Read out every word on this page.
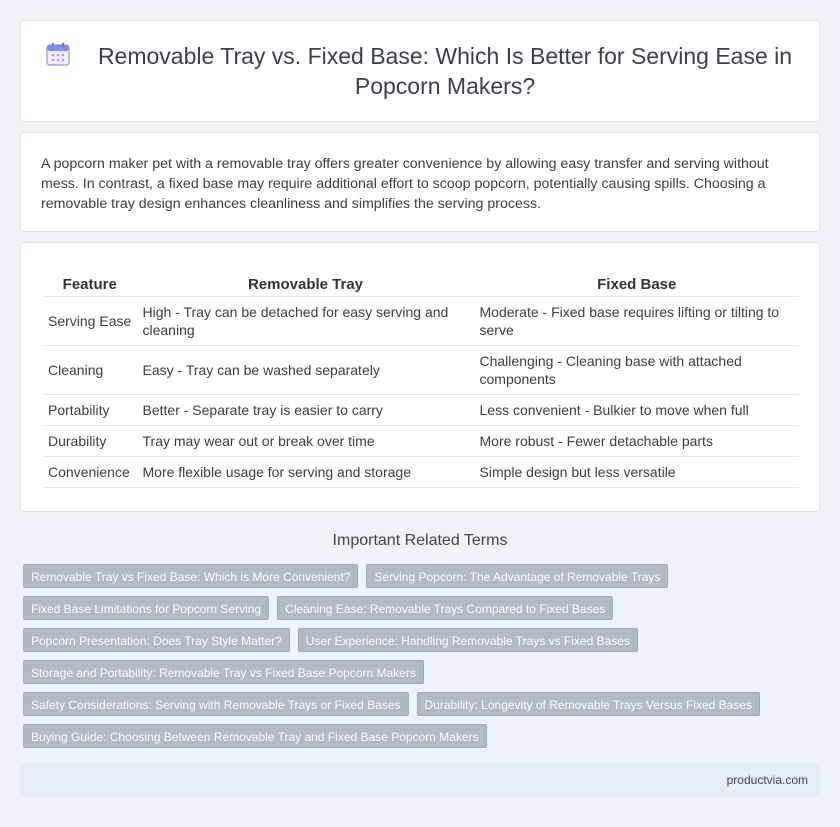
Removable Tray vs. Fixed Base: Which Is Better for Serving Ease in Popcorn Makers?

A popcorn maker pet with a removable tray offers greater convenience by allowing easy transfer and serving without mess. In contrast, a fixed base may require additional effort to scoop popcorn, potentially causing spills. Choosing a removable tray design enhances cleanliness and simplifies the serving process.

Feature	Removable Tray	Fixed Base
Serving Ease	High - Tray can be detached for easy serving and cleaning	Moderate - Fixed base requires lifting or tilting to serve
Cleaning	Easy - Tray can be washed separately	Challenging - Cleaning base with attached components
Portability	Better - Separate tray is easier to carry	Less convenient - Bulkier to move when full
Durability	Tray may wear out or break over time	More robust - Fewer detachable parts
Convenience	More flexible usage for serving and storage	Simple design but less versatile
Important Related Terms
Removable Tray vs Fixed Base: Which is More Convenient?	Serving Popcorn: The Advantage of Removable Trays
Fixed Base Limitations for Popcorn Serving	Cleaning Ease: Removable Trays Compared to Fixed Bases
Popcorn Presentation: Does Tray Style Matter?	User Experience: Handling Removable Trays vs Fixed Bases
Storage and Portability: Removable Tray vs Fixed Base Popcorn Makers
Safety Considerations: Serving with Removable Trays or Fixed Bases	Durability: Longevity of Removable Trays Versus Fixed Bases
Buying Guide: Choosing Between Removable Tray and Fixed Base Popcorn Makers
productvia.com
